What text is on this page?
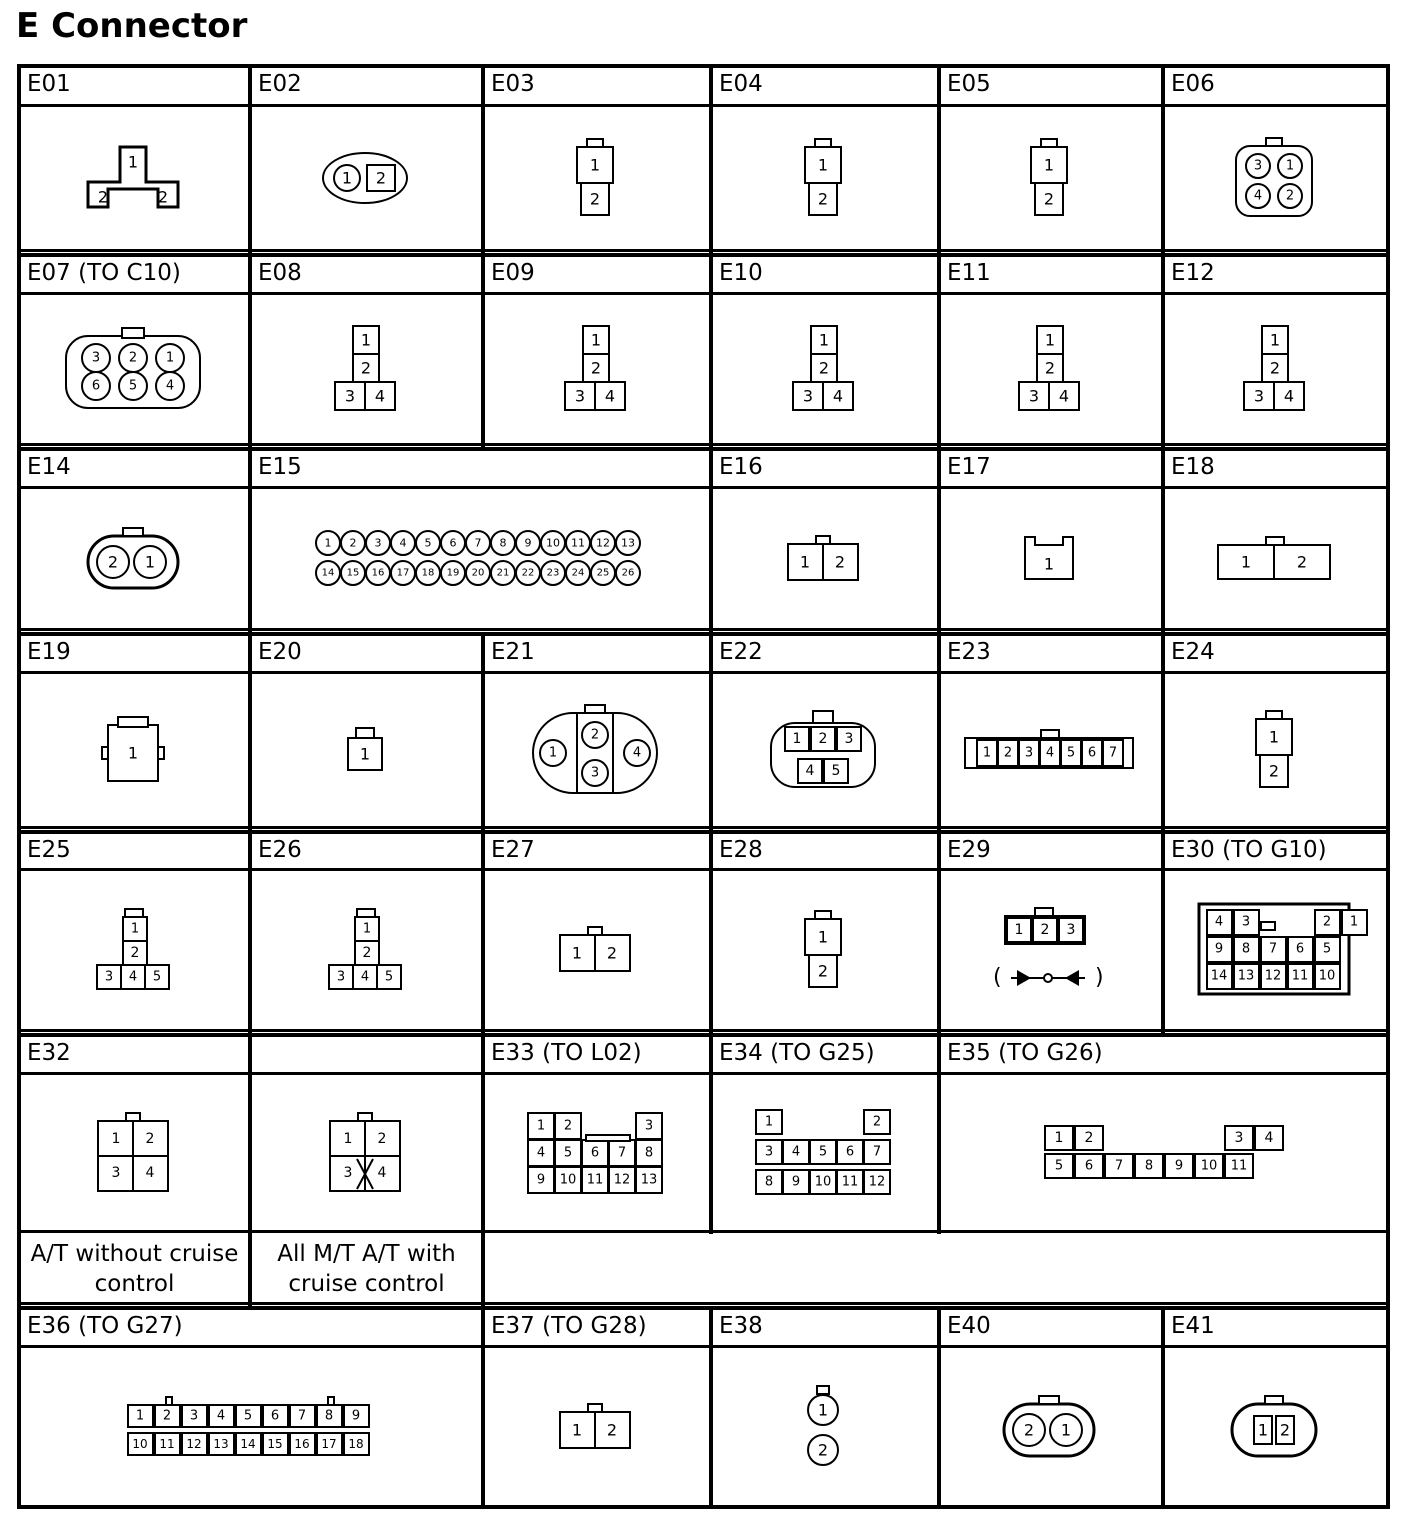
E Connector
E01
1
2	2
E02
1 2
E03
1
2
E04
1
2
E05
1
2
E06
3 1
4 2
E07 (TO C10)
3 2 1
6 5 4
E08
1
2
3 4
E09
1
2
3 4
E10
1
2
3 4
E11
1
2
3 4
E12
1
2
3 4
E14
2 1
E15
1 2 3 4 5 6 7 8 9 10 11 12 13
14 15 16 17 18 19 20 21 22 23 24 25 26
E16
1 2
E17
1
E18
1	2
E19
1
E20
1
E21
1
2
3
4
E22
1 2 3
4 5
E23
1 2 3 4 5 6 7
E24
1
2
E25
1
2
3 4 5
E26
1
2
3 4 5
E27
1 2
E28
1
2
E29
1 2 3
(	)
E30 (TO G10)
4 3	2 1
9 8 7 6 5
14 13 12 11 10
E32
1 2
3 4
A/T without cruise control
1 2
3 4
All M/T A/T with cruise control
E33 (TO L02)
1 2	3
4 5 6 7 8
9 10 11 12 13
E34 (TO G25)
1	2
3 4 5 6 7
8 9 10 11 12
E35 (TO G26)
1 2	3 4
5 6 7 8 9 10 11
E36 (TO G27)
1 2 3 4 5 6 7 8 9
10 11 12 13 14 15 16 17 18
E37 (TO G28)
1 2
E38
1
2
E40
2 1
E41
1 2
